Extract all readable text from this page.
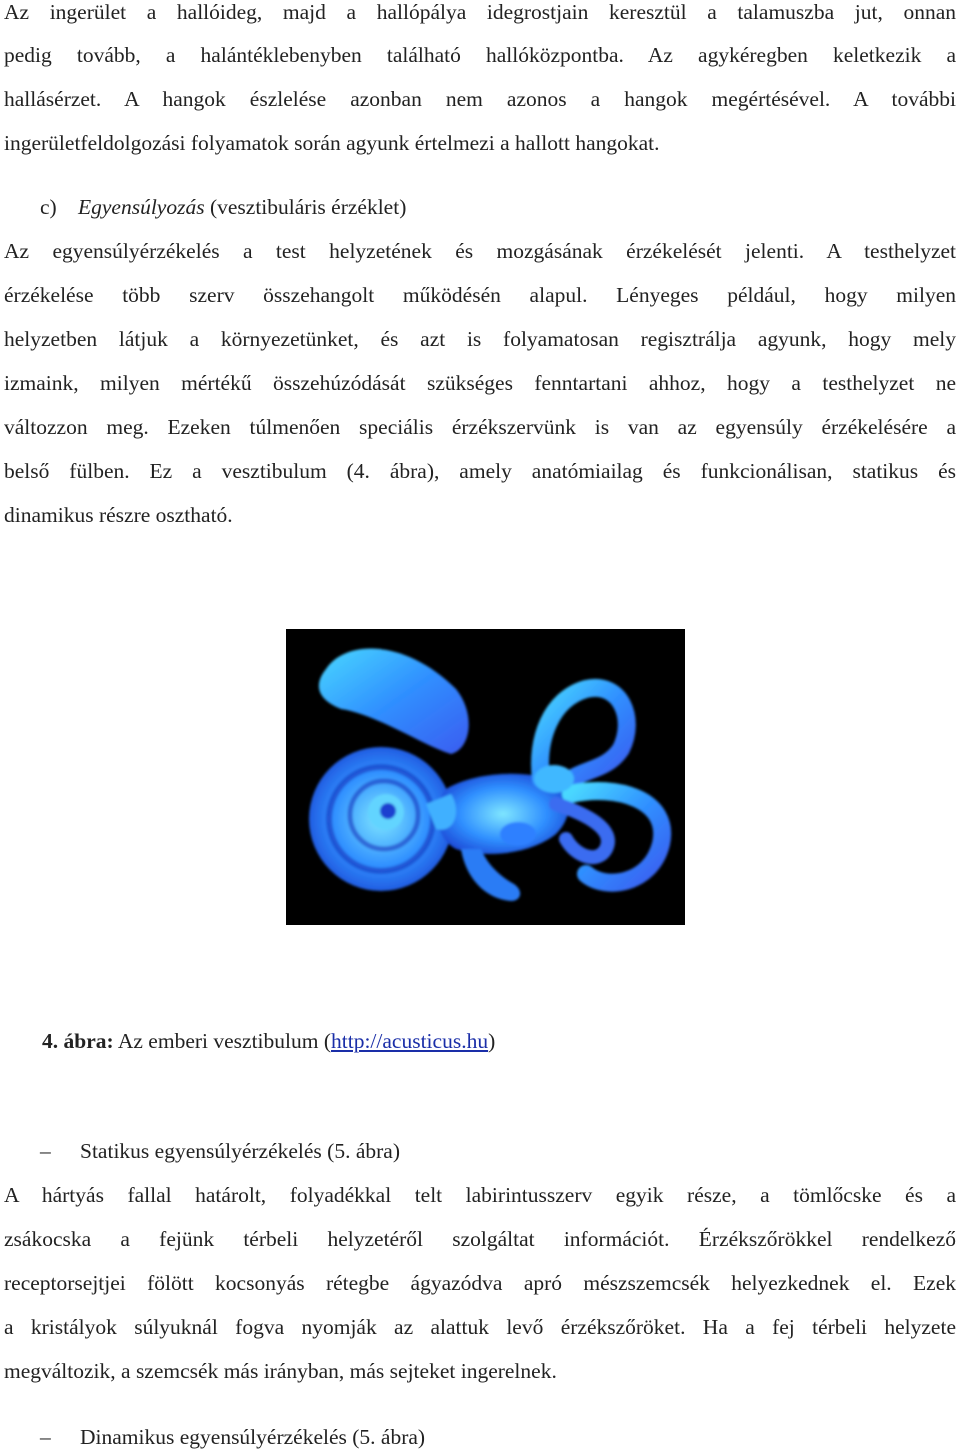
Az ingerület a hallóideg, majd a hallópálya idegrostjain keresztül a talamuszba jut, onnan
pedig tovább, a halántéklebenyben található hallóközpontba. Az agykéregben keletkezik a
hallásérzet. A hangok észlelése azonban nem azonos a hangok megértésével. A további
ingerületfeldolgozási folyamatok során agyunk értelmezi a hallott hangokat.
c) Egyensúlyozás (vesztibuláris érzéklet)
Az egyensúlyérzékelés a test helyzetének és mozgásának érzékelését jelenti. A testhelyzet
érzékelése több szerv összehangolt működésén alapul. Lényeges például, hogy milyen
helyzetben látjuk a környezetünket, és azt is folyamatosan regisztrálja agyunk, hogy mely
izmaink, milyen mértékű összehúzódását szükséges fenntartani ahhoz, hogy a testhelyzet ne
változzon meg. Ezeken túlmenően speciális érzékszervünk is van az egyensúly érzékelésére a
belső fülben. Ez a vesztibulum (4. ábra), amely anatómiailag és funkcionálisan, statikus és
dinamikus részre osztható.
4. ábra: Az emberi vesztibulum (http://acusticus.hu)
– Statikus egyensúlyérzékelés (5. ábra)
A hártyás fallal határolt, folyadékkal telt labirintusszerv egyik része, a tömlőcske és a
zsákocska a fejünk térbeli helyzetéről szolgáltat információt. Érzékszőrökkel rendelkező
receptorsejtjei fölött kocsonyás rétegbe ágyazódva apró mészszemcsék helyezkednek el. Ezek
a kristályok súlyuknál fogva nyomják az alattuk levő érzékszőröket. Ha a fej térbeli helyzete
megváltozik, a szemcsék más irányban, más sejteket ingerelnek.
– Dinamikus egyensúlyérzékelés (5. ábra)
